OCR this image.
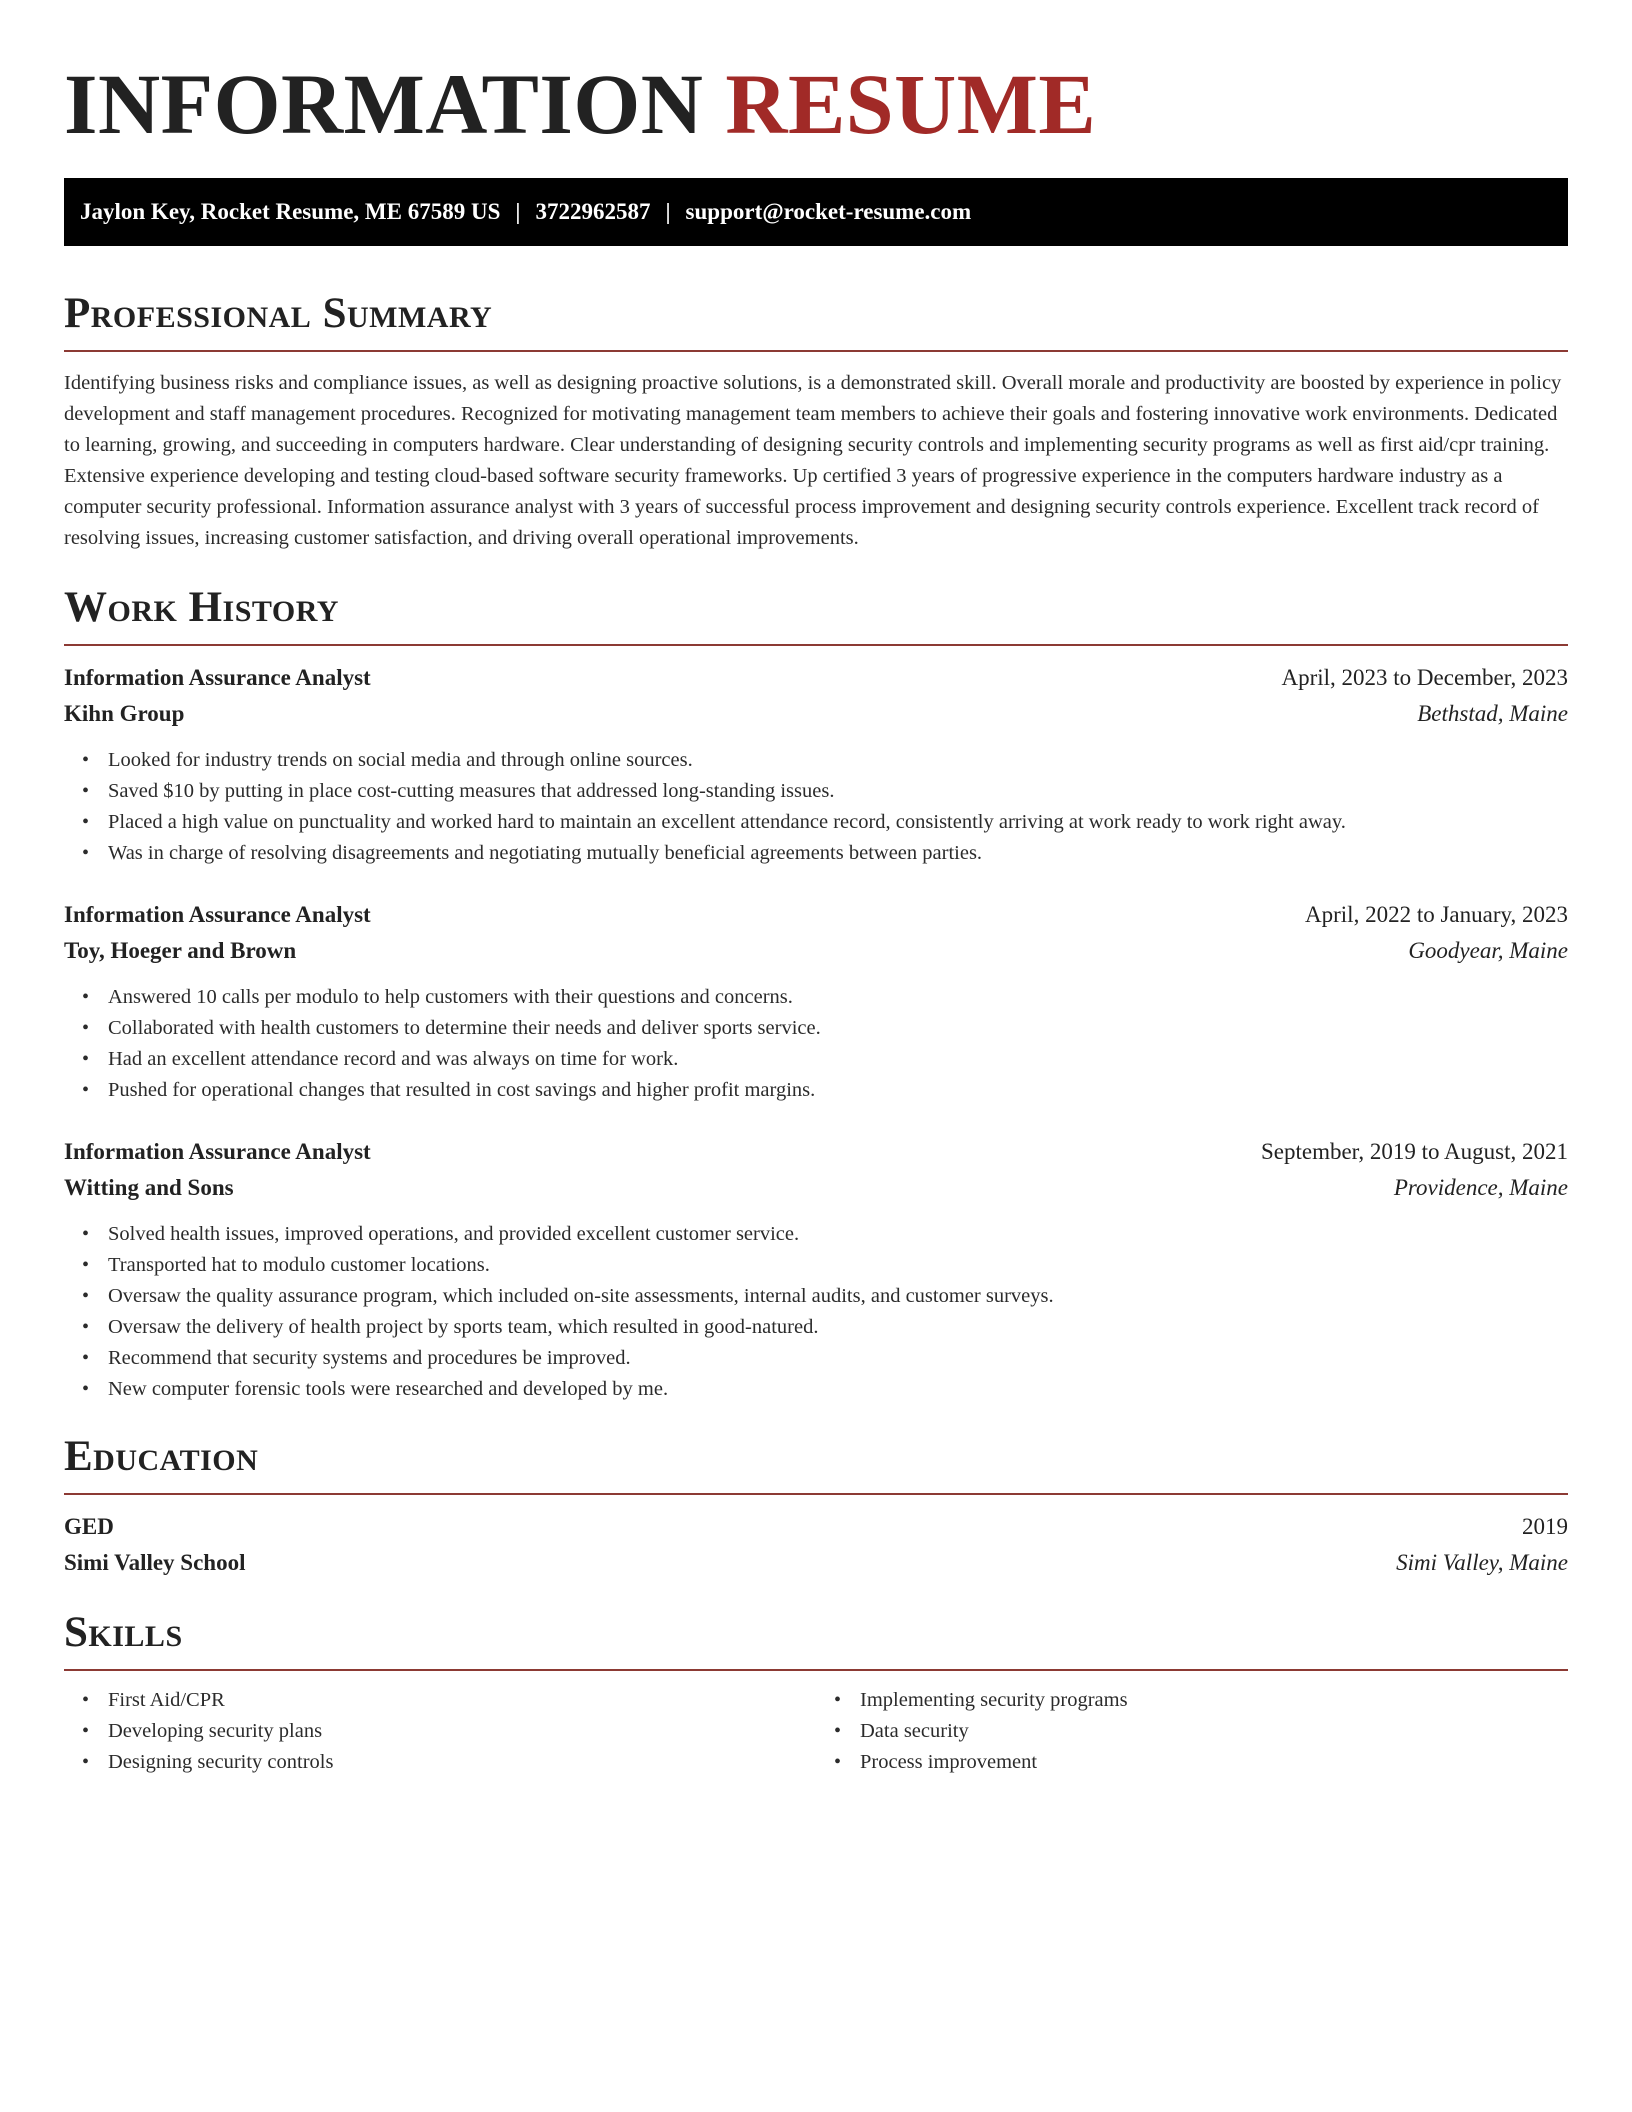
INFORMATION RESUME
Jaylon Key, Rocket Resume, ME 67589 US | 3722962587 | support@rocket-resume.com
Professional Summary

Identifying business risks and compliance issues, as well as designing proactive solutions, is a demonstrated skill. Overall morale and productivity are boosted by experience in policy development and staff management procedures. Recognized for motivating management team members to achieve their goals and fostering innovative work environments. Dedicated to learning, growing, and succeeding in computers hardware. Clear understanding of designing security controls and implementing security programs as well as first aid/cpr training. Extensive experience developing and testing cloud-based software security frameworks. Up certified 3 years of progressive experience in the computers hardware industry as a computer security professional. Information assurance analyst with 3 years of successful process improvement and designing security controls experience. Excellent track record of resolving issues, increasing customer satisfaction, and driving overall operational improvements.

Work History
Information Assurance Analyst	April, 2023 to December, 2023
Kihn Group	Bethstad, Maine
• Looked for industry trends on social media and through online sources.
• Saved $10 by putting in place cost-cutting measures that addressed long-standing issues.
• Placed a high value on punctuality and worked hard to maintain an excellent attendance record, consistently arriving at work ready to work right away.
• Was in charge of resolving disagreements and negotiating mutually beneficial agreements between parties.
Information Assurance Analyst	April, 2022 to January, 2023
Toy, Hoeger and Brown	Goodyear, Maine
• Answered 10 calls per modulo to help customers with their questions and concerns.
• Collaborated with health customers to determine their needs and deliver sports service.
• Had an excellent attendance record and was always on time for work.
• Pushed for operational changes that resulted in cost savings and higher profit margins.
Information Assurance Analyst	September, 2019 to August, 2021
Witting and Sons	Providence, Maine
• Solved health issues, improved operations, and provided excellent customer service.
• Transported hat to modulo customer locations.
• Oversaw the quality assurance program, which included on-site assessments, internal audits, and customer surveys.
• Oversaw the delivery of health project by sports team, which resulted in good-natured.
• Recommend that security systems and procedures be improved.
• New computer forensic tools were researched and developed by me.
Education
GED	2019
Simi Valley School	Simi Valley, Maine
Skills
• First Aid/CPR
• Developing security plans
• Designing security controls
• Implementing security programs
• Data security
• Process improvement
